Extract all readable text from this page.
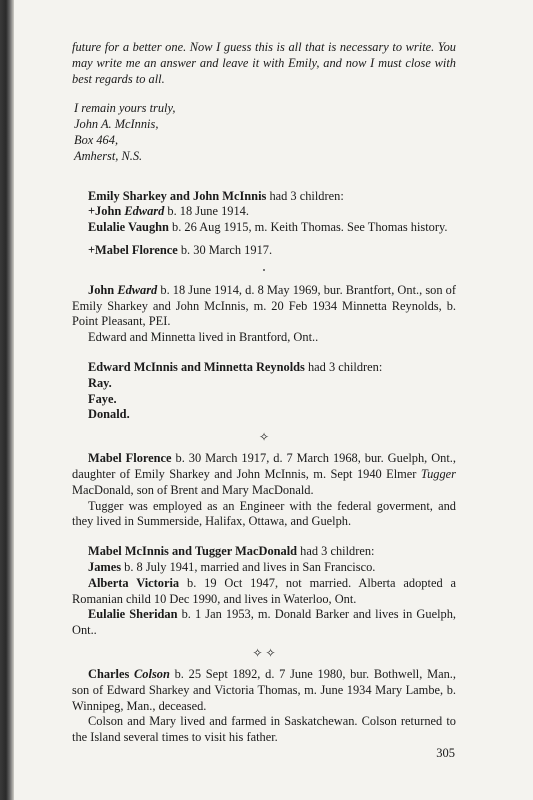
future for a better one. Now I guess this is all that is necessary to write. You may write me an answer and leave it with Emily, and now I must close with best regards to all.

I remain yours truly,

John A. McInnis,

Box 464,

Amherst, N.S.

Emily Sharkey and John McInnis had 3 children:

+John Edward b. 18 June 1914.

Eulalie Vaughn b. 26 Aug 1915, m. Keith Thomas. See Thomas history.

+Mabel Florence b. 30 March 1917.

John Edward b. 18 June 1914, d. 8 May 1969, bur. Brantfort, Ont., son of Emily Sharkey and John McInnis, m. 20 Feb 1934 Minnetta Reynolds, b. Point Pleasant, PEI.

Edward and Minnetta lived in Brantford, Ont..

Edward McInnis and Minnetta Reynolds had 3 children:

Ray.

Faye.

Donald.

✧

Mabel Florence b. 30 March 1917, d. 7 March 1968, bur. Guelph, Ont., daughter of Emily Sharkey and John McInnis, m. Sept 1940 Elmer Tugger MacDonald, son of Brent and Mary MacDonald.

Tugger was employed as an Engineer with the federal goverment, and they lived in Summerside, Halifax, Ottawa, and Guelph.

Mabel McInnis and Tugger MacDonald had 3 children:

James b. 8 July 1941, married and lives in San Francisco.

Alberta Victoria b. 19 Oct 1947, not married. Alberta adopted a Romanian child 10 Dec 1990, and lives in Waterloo, Ont.

Eulalie Sheridan b. 1 Jan 1953, m. Donald Barker and lives in Guelph, Ont..

✧ ✧

Charles Colson b. 25 Sept 1892, d. 7 June 1980, bur. Bothwell, Man., son of Edward Sharkey and Victoria Thomas, m. June 1934 Mary Lambe, b. Winnipeg, Man., deceased.

Colson and Mary lived and farmed in Saskatchewan. Colson returned to the Island several times to visit his father.

305
